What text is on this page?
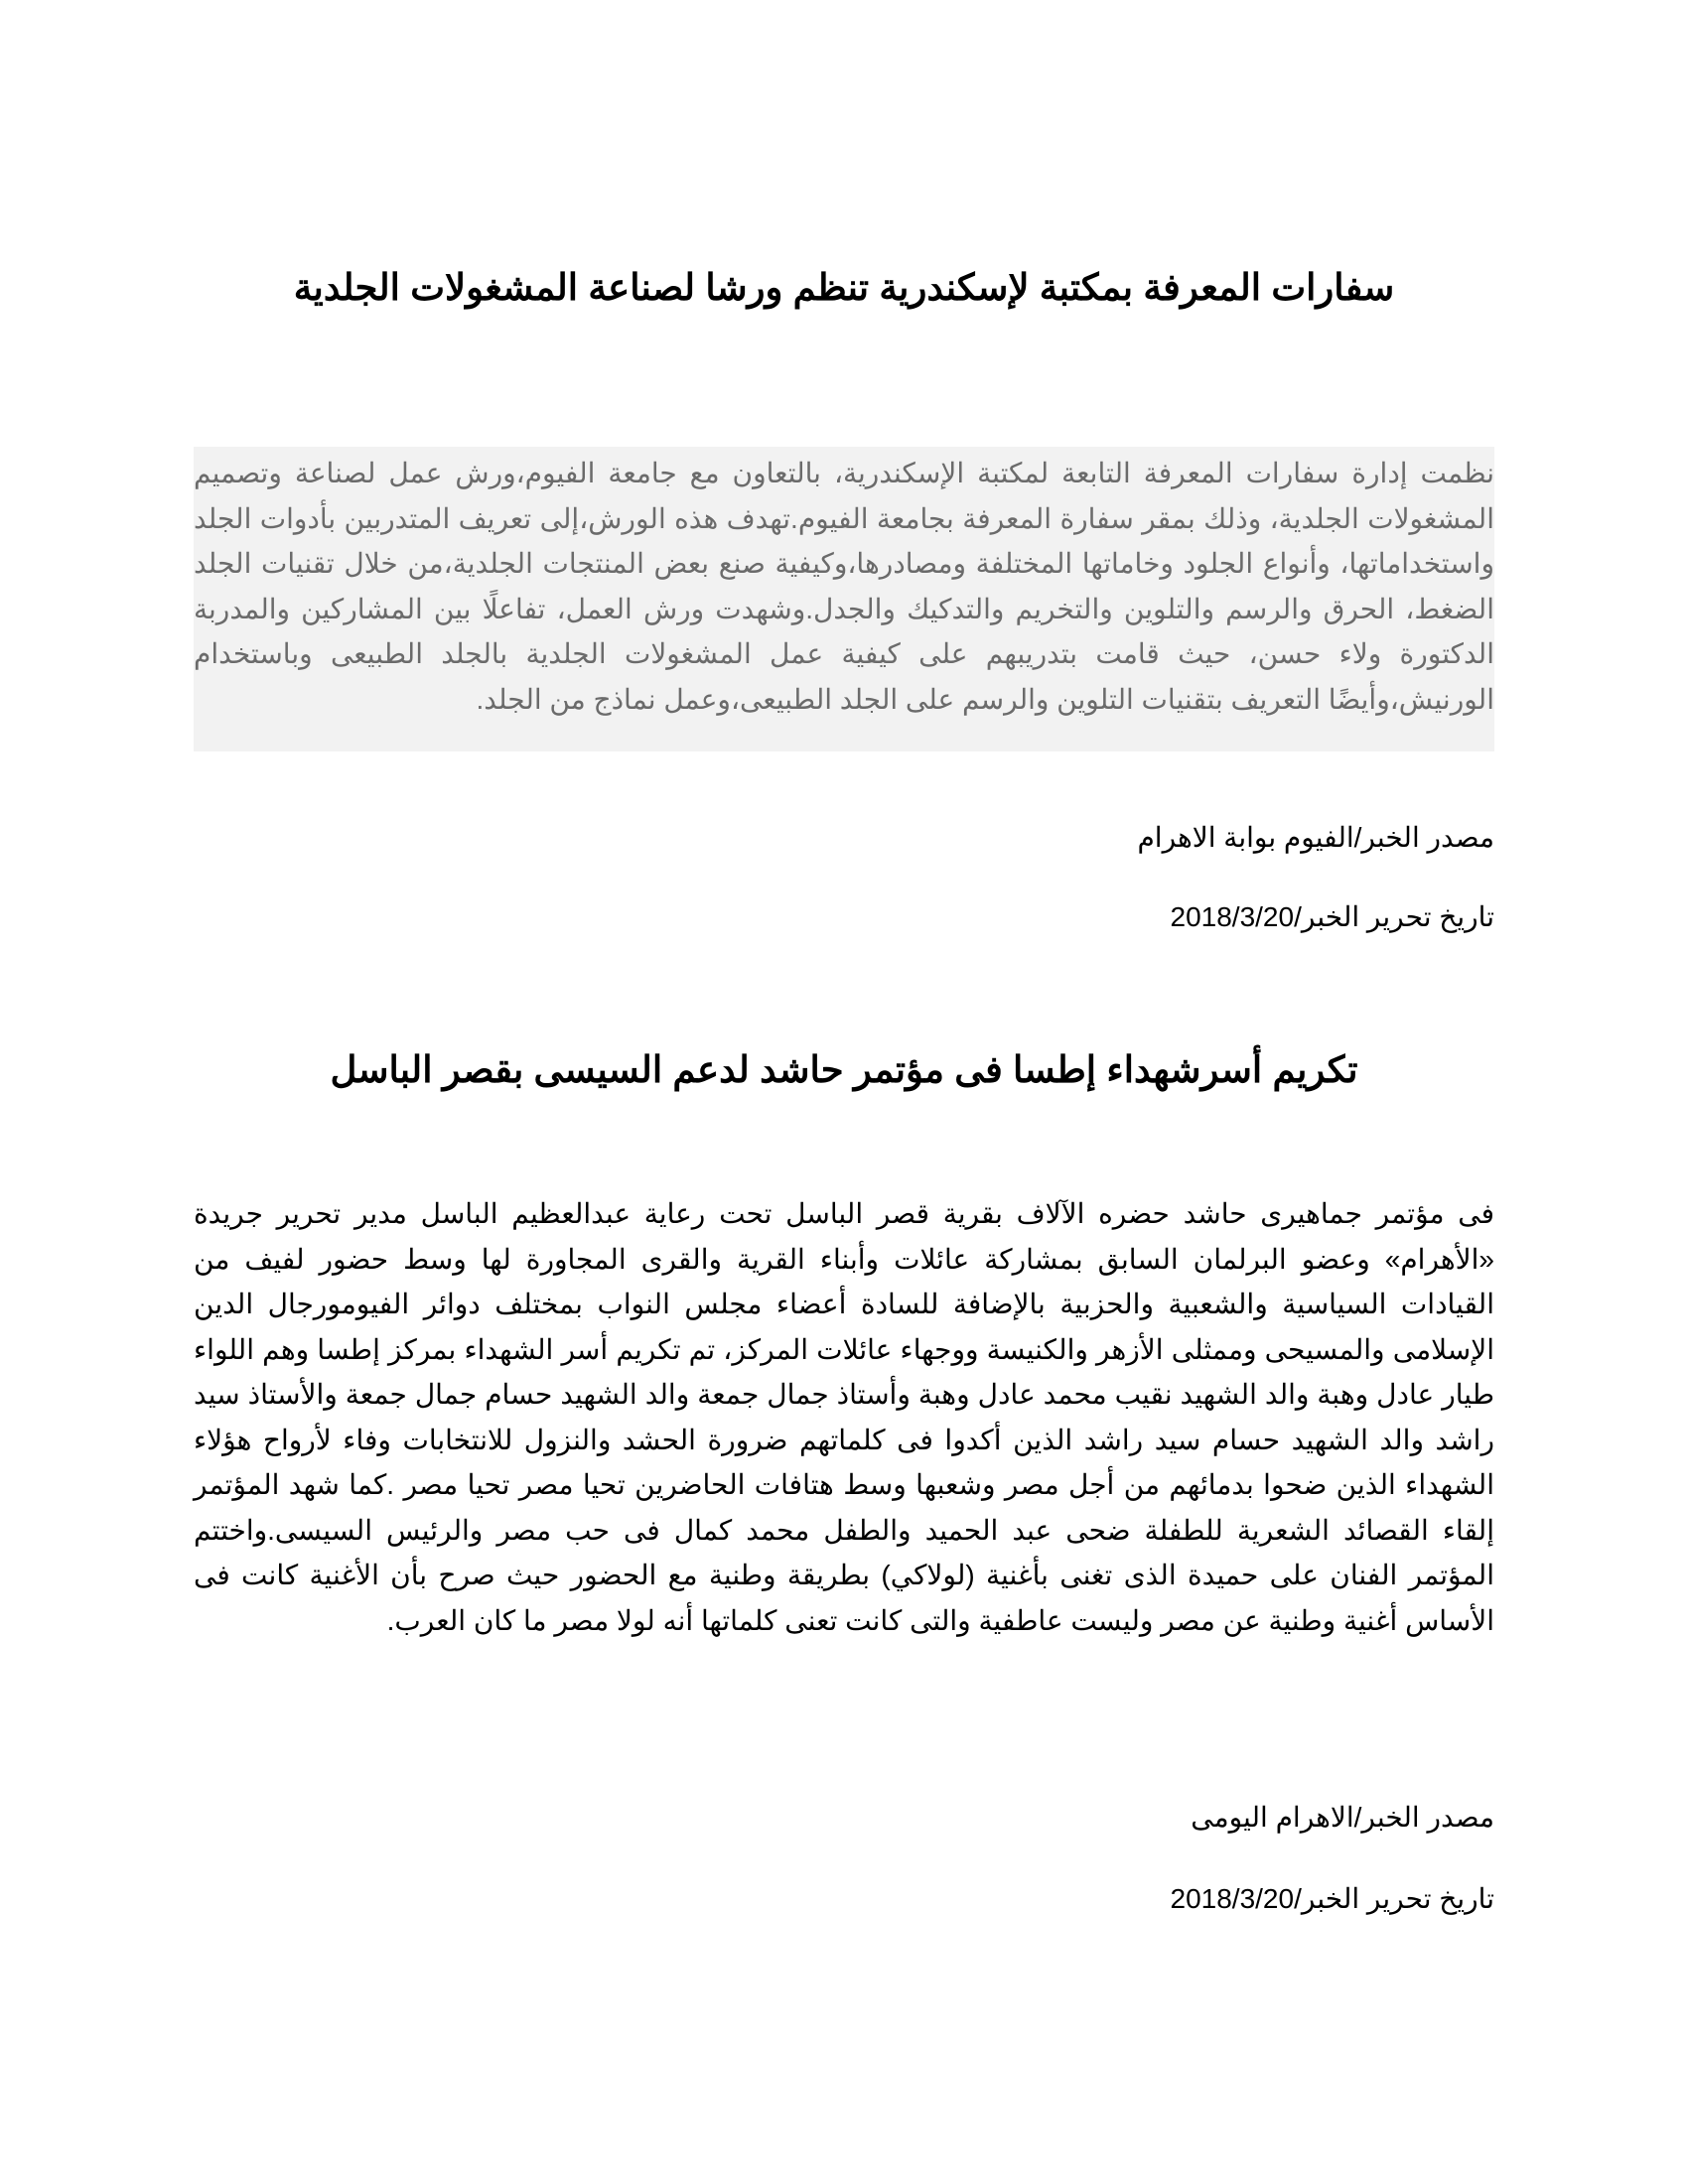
سفارات المعرفة بمكتبة لإسكندرية تنظم ورشا لصناعة المشغولات الجلدية

نظمت إدارة سفارات المعرفة التابعة لمكتبة الإسكندرية، بالتعاون مع جامعة الفيوم،ورش عمل لصناعة وتصميم المشغولات الجلدية، وذلك بمقر سفارة المعرفة بجامعة الفيوم.تهدف هذه الورش،إلى تعريف المتدربين بأدوات الجلد واستخداماتها، وأنواع الجلود وخاماتها المختلفة ومصادرها،وكيفية صنع بعض المنتجات الجلدية،من خلال تقنيات الجلد الضغط، الحرق والرسم والتلوين والتخريم والتدكيك والجدل.وشهدت ورش العمل، تفاعلًا بين المشاركين والمدربة الدكتورة ولاء حسن، حيث قامت بتدريبهم على كيفية عمل المشغولات الجلدية بالجلد الطبيعى وباستخدام الورنيش،وأيضًا التعريف بتقنيات التلوين والرسم على الجلد الطبيعى،وعمل نماذج من الجلد.

مصدر الخبر/الفيوم بوابة الاهرام

تاريخ تحرير الخبر/2018/3/20

تكريم أسرشهداء إطسا فى مؤتمر حاشد لدعم السيسى بقصر الباسل

فى مؤتمر جماهيرى حاشد حضره الآلاف بقرية قصر الباسل تحت رعاية عبدالعظيم الباسل مدير تحرير جريدة «الأهرام» وعضو البرلمان السابق بمشاركة عائلات وأبناء القرية والقرى المجاورة لها وسط حضور لفيف من القيادات السياسية والشعبية والحزبية بالإضافة للسادة أعضاء مجلس النواب بمختلف دوائر الفيومورجال الدين الإسلامى والمسيحى وممثلى الأزهر والكنيسة ووجهاء عائلات المركز، تم تكريم أسر الشهداء بمركز إطسا وهم اللواء طيار عادل وهبة والد الشهيد نقيب محمد عادل وهبة وأستاذ جمال جمعة والد الشهيد حسام جمال جمعة والأستاذ سيد راشد والد الشهيد حسام سيد راشد الذين أكدوا فى كلماتهم ضرورة الحشد والنزول للانتخابات وفاء لأرواح هؤلاء الشهداء الذين ضحوا بدمائهم من أجل مصر وشعبها وسط هتافات الحاضرين تحيا مصر تحيا مصر .كما شهد المؤتمر إلقاء القصائد الشعرية للطفلة ضحى عبد الحميد والطفل محمد كمال فى حب مصر والرئيس السيسى.واختتم المؤتمر الفنان على حميدة الذى تغنى بأغنية (لولاكي) بطريقة وطنية مع الحضور حيث صرح بأن الأغنية كانت فى الأساس أغنية وطنية عن مصر وليست عاطفية والتى كانت تعنى كلماتها أنه لولا مصر ما كان العرب.

مصدر الخبر/الاهرام اليومى

تاريخ تحرير الخبر/2018/3/20
